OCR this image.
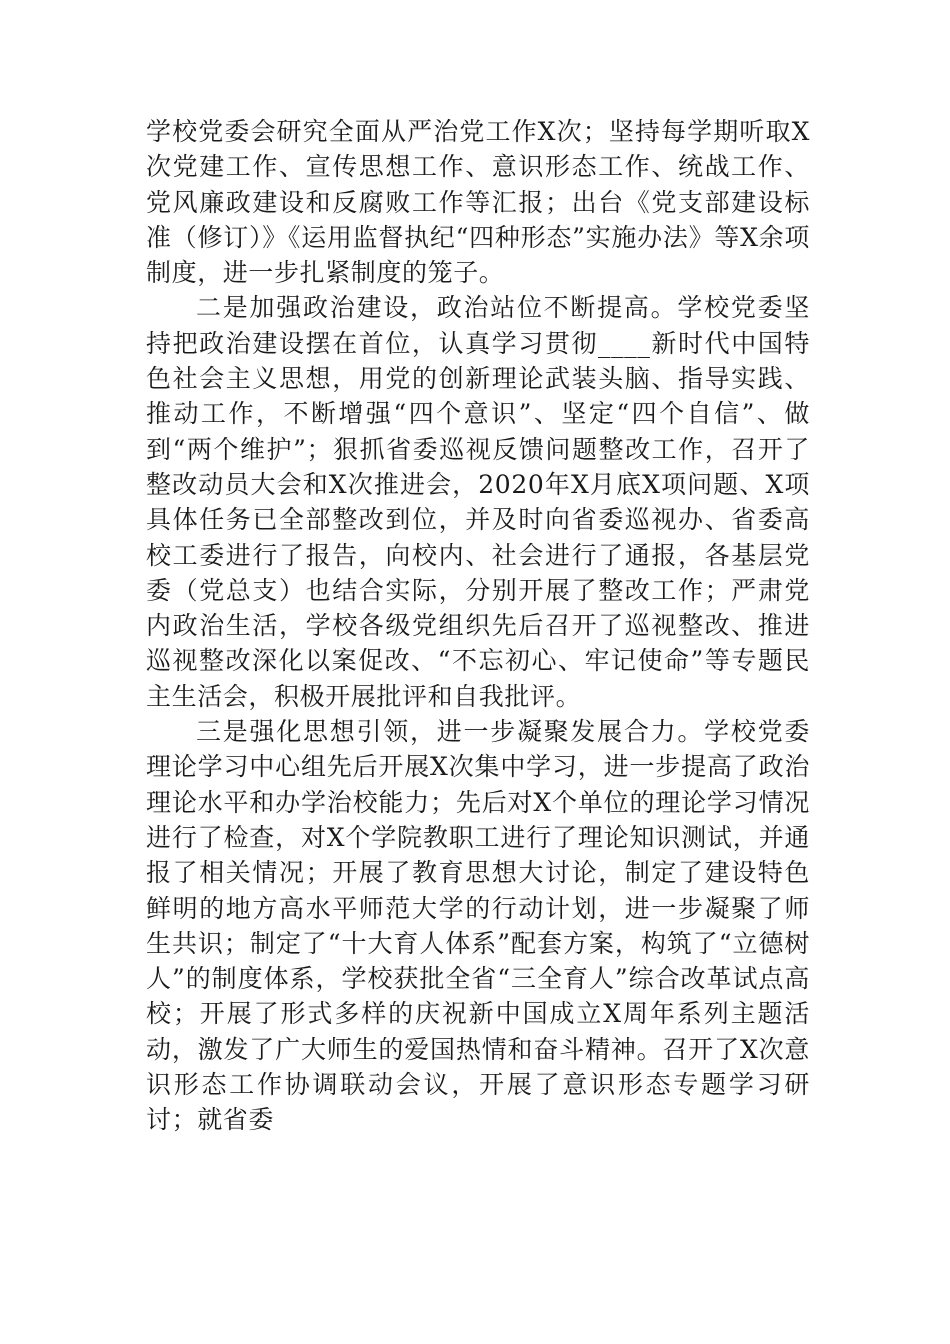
学校党委会研究全面从严治党工作X次；坚持每学期听取X次党建工作、宣传思想工作、意识形态工作、统战工作、党风廉政建设和反腐败工作等汇报；出台《党支部建设标准（修订）》《运用监督执纪“四种形态”实施办法》等X余项制度，进一步扎紧制度的笼子。

二是加强政治建设，政治站位不断提高。学校党委坚持把政治建设摆在首位，认真学习贯彻____新时代中国特色社会主义思想，用党的创新理论武装头脑、指导实践、推动工作，不断增强“四个意识”、坚定“四个自信”、做到“两个维护”；狠抓省委巡视反馈问题整改工作，召开了整改动员大会和X次推进会，2020年X月底X项问题、X项具体任务已全部整改到位，并及时向省委巡视办、省委高校工委进行了报告，向校内、社会进行了通报，各基层党委（党总支）也结合实际，分别开展了整改工作；严肃党内政治生活，学校各级党组织先后召开了巡视整改、推进巡视整改深化以案促改、“不忘初心、牢记使命”等专题民主生活会，积极开展批评和自我批评。

三是强化思想引领，进一步凝聚发展合力。学校党委理论学习中心组先后开展X次集中学习，进一步提高了政治理论水平和办学治校能力；先后对X个单位的理论学习情况进行了检查，对X个学院教职工进行了理论知识测试，并通报了相关情况；开展了教育思想大讨论，制定了建设特色鲜明的地方高水平师范大学的行动计划，进一步凝聚了师生共识；制定了“十大育人体系”配套方案，构筑了“立德树人”的制度体系，学校获批全省“三全育人”综合改革试点高校；开展了形式多样的庆祝新中国成立X周年系列主题活动，激发了广大师生的爱国热情和奋斗精神。召开了X次意识形态工作协调联动会议，开展了意识形态专题学习研讨；就省委
